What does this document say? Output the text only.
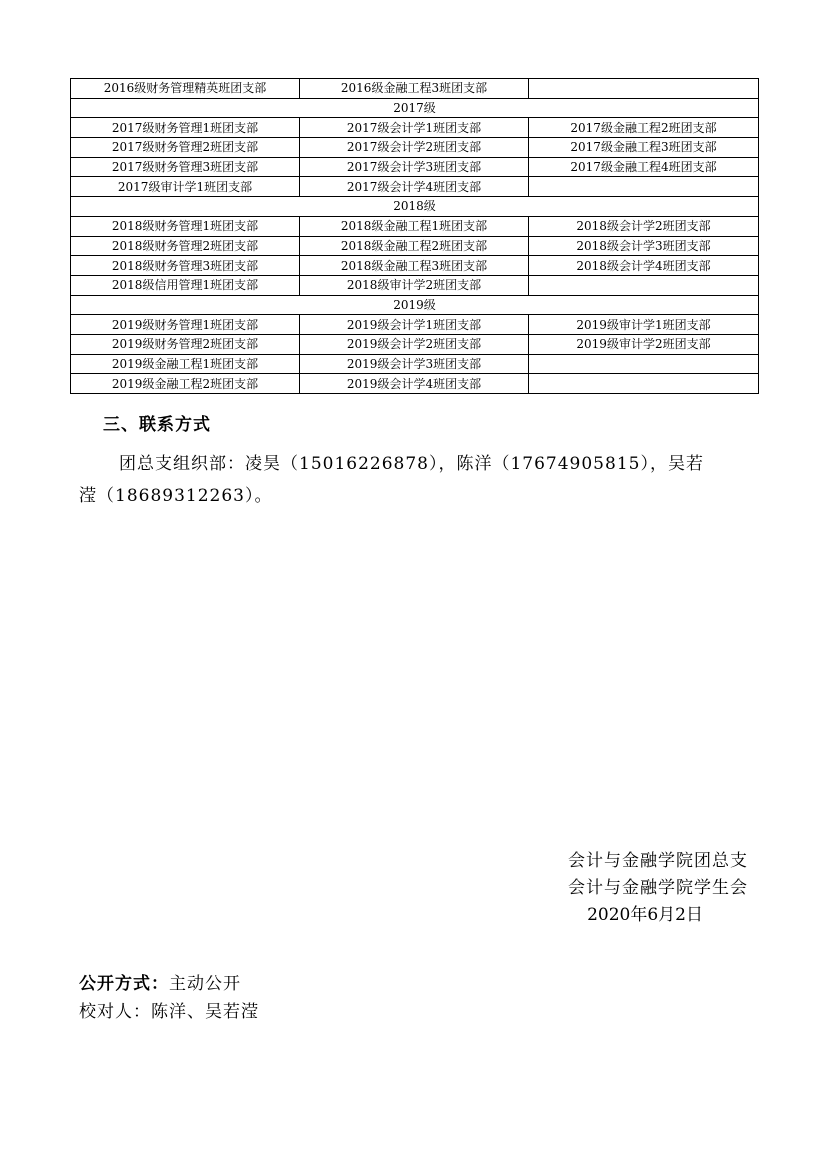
2016级财务管理精英班团支部	2016级金融工程3班团支部	
2017级		
2017级财务管理1班团支部	2017级会计学1班团支部	2017级金融工程2班团支部
2017级财务管理2班团支部	2017级会计学2班团支部	2017级金融工程3班团支部
2017级财务管理3班团支部	2017级会计学3班团支部	2017级金融工程4班团支部
2017级审计学1班团支部	2017级会计学4班团支部	
2018级		
2018级财务管理1班团支部	2018级金融工程1班团支部	2018级会计学2班团支部
2018级财务管理2班团支部	2018级金融工程2班团支部	2018级会计学3班团支部
2018级财务管理3班团支部	2018级金融工程3班团支部	2018级会计学4班团支部
2018级信用管理1班团支部	2018级审计学2班团支部	
2019级		
2019级财务管理1班团支部	2019级会计学1班团支部	2019级审计学1班团支部
2019级财务管理2班团支部	2019级会计学2班团支部	2019级审计学2班团支部
2019级金融工程1班团支部	2019级会计学3班团支部	
2019级金融工程2班团支部	2019级会计学4班团支部	
三、联系方式
团总支组织部：凌昊（15016226878），陈洋（17674905815），吴若
滢（18689312263）。
会计与金融学院团总支
会计与金融学院学生会
2020年6月2日
公开方式：主动公开
校对人：陈洋、吴若滢
